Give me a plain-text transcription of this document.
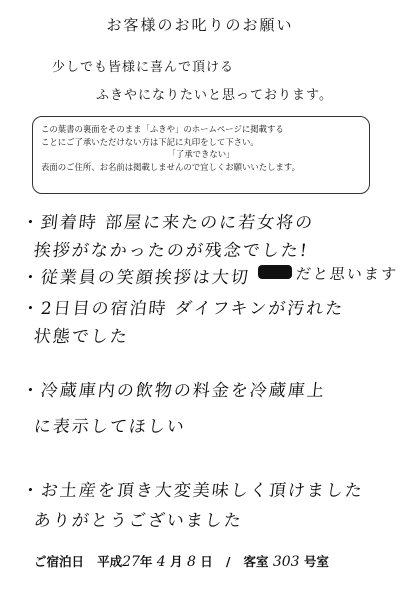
お客様のお叱りのお願い
少しでも皆様に喜んで頂ける
ふきやになりたいと思っております。
この葉書の裏面をそのまま「ふきや」のホームページに掲載する
ことにご了承いただけない方は下記に丸印をして下さい。
「了承できない」
表面のご住所、お名前は掲載しませんので宜しくお願いいたします。
・到着時 部屋に来たのに若女将の
挨拶がなかったのが残念でした!
・従業員の笑顔挨拶は大切	だと思います
・2日目の宿泊時 ダイフキンが汚れた
状態でした
・冷蔵庫内の飲物の料金を冷蔵庫上
に表示してほしい
・お土産を頂き大変美味しく頂けました
ありがとうございました
ご宿泊日 平成27年 4 月 8 日 / 客室 303 号室
